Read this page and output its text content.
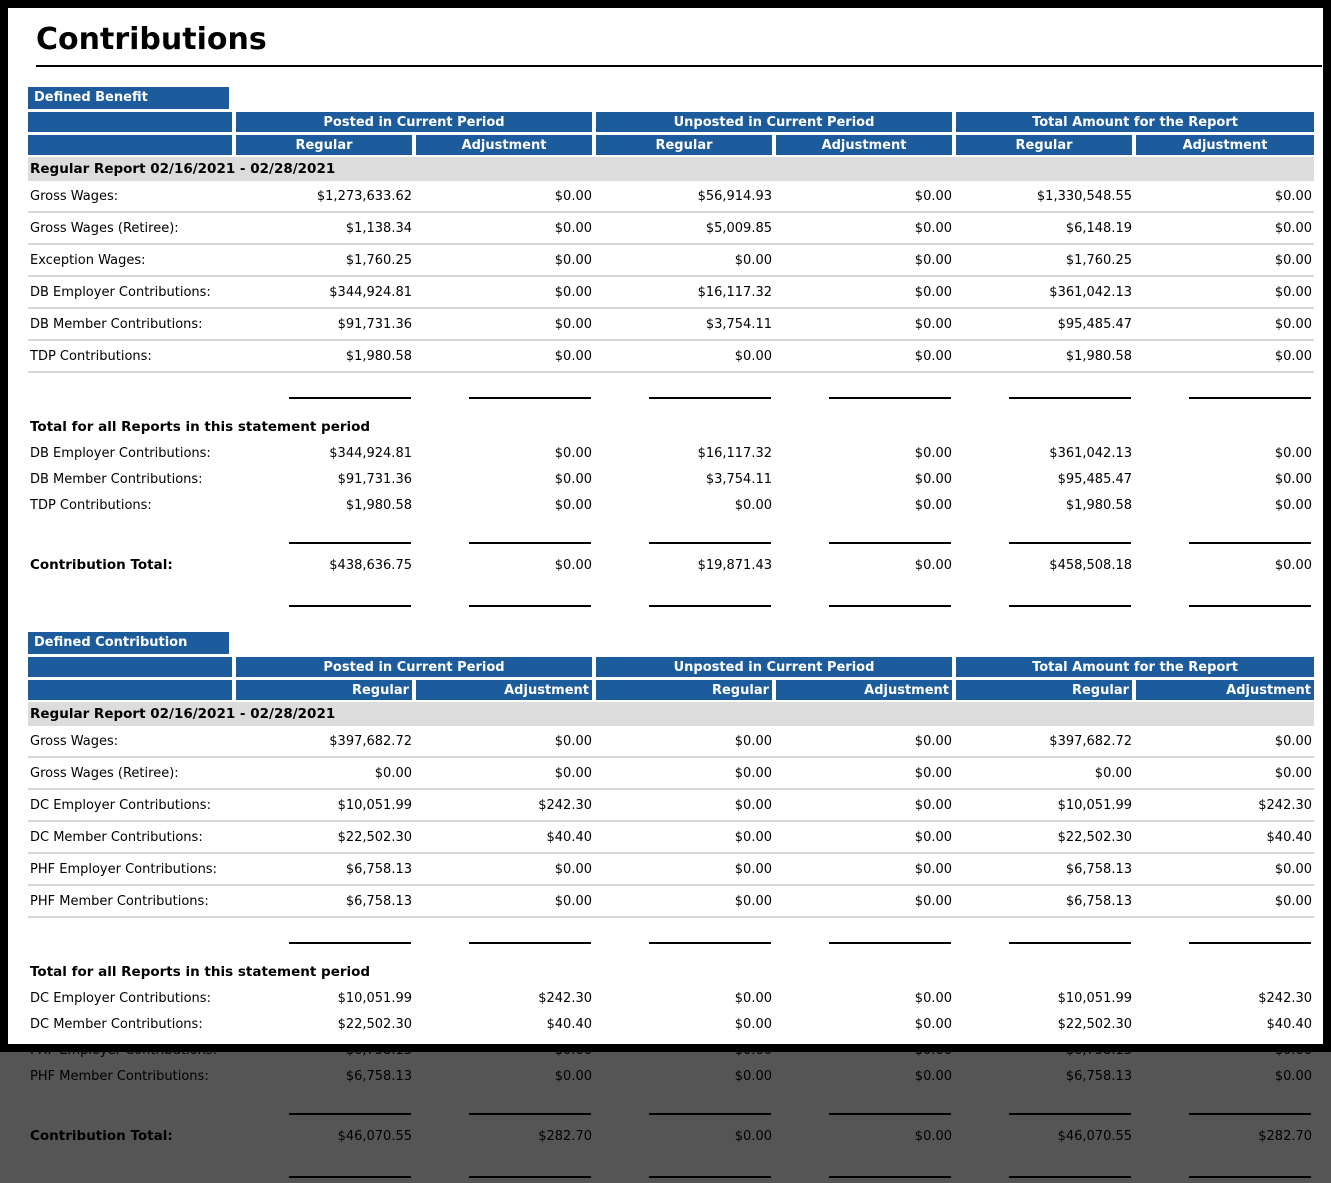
Contributions
Defined Benefit
	Posted in Current Period		Unposted in Current Period		Total Amount for the Report	
	Regular	Adjustment	Regular	Adjustment	Regular	Adjustment
Regular Report 02/16/2021 - 02/28/2021						
Gross Wages:	$1,273,633.62	$0.00	$56,914.93	$0.00	$1,330,548.55	$0.00
Gross Wages (Retiree):	$1,138.34	$0.00	$5,009.85	$0.00	$6,148.19	$0.00
Exception Wages:	$1,760.25	$0.00	$0.00	$0.00	$1,760.25	$0.00
DB Employer Contributions:	$344,924.81	$0.00	$16,117.32	$0.00	$361,042.13	$0.00
DB Member Contributions:	$91,731.36	$0.00	$3,754.11	$0.00	$95,485.47	$0.00
TDP Contributions:	$1,980.58	$0.00	$0.00	$0.00	$1,980.58	$0.00

Total for all Reports in this statement period						
DB Employer Contributions:	$344,924.81	$0.00	$16,117.32	$0.00	$361,042.13	$0.00
DB Member Contributions:	$91,731.36	$0.00	$3,754.11	$0.00	$95,485.47	$0.00
TDP Contributions:	$1,980.58	$0.00	$0.00	$0.00	$1,980.58	$0.00

Contribution Total:	$438,636.75	$0.00	$19,871.43	$0.00	$458,508.18	$0.00

Defined Contribution
	Posted in Current Period		Unposted in Current Period		Total Amount for the Report	
	Regular	Adjustment	Regular	Adjustment	Regular	Adjustment
Regular Report 02/16/2021 - 02/28/2021						
Gross Wages:	$397,682.72	$0.00	$0.00	$0.00	$397,682.72	$0.00
Gross Wages (Retiree):	$0.00	$0.00	$0.00	$0.00	$0.00	$0.00
DC Employer Contributions:	$10,051.99	$242.30	$0.00	$0.00	$10,051.99	$242.30
DC Member Contributions:	$22,502.30	$40.40	$0.00	$0.00	$22,502.30	$40.40
PHF Employer Contributions:	$6,758.13	$0.00	$0.00	$0.00	$6,758.13	$0.00
PHF Member Contributions:	$6,758.13	$0.00	$0.00	$0.00	$6,758.13	$0.00

Total for all Reports in this statement period						
DC Employer Contributions:	$10,051.99	$242.30	$0.00	$0.00	$10,051.99	$242.30
DC Member Contributions:	$22,502.30	$40.40	$0.00	$0.00	$22,502.30	$40.40
PHF Employer Contributions:	$6,758.13	$0.00	$0.00	$0.00	$6,758.13	$0.00
PHF Member Contributions:	$6,758.13	$0.00	$0.00	$0.00	$6,758.13	$0.00

Contribution Total:	$46,070.55	$282.70	$0.00	$0.00	$46,070.55	$282.70
